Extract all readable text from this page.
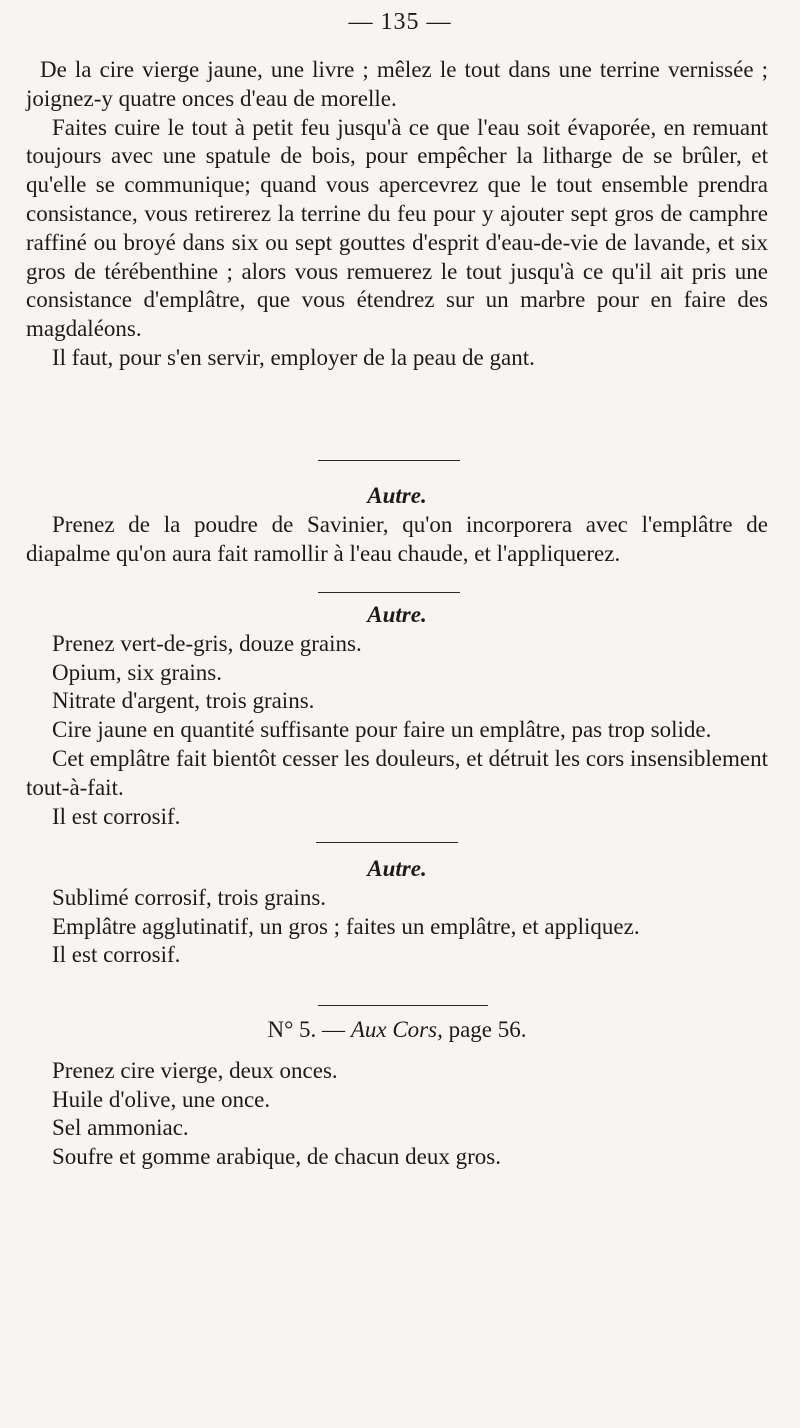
— 135 —

De la cire vierge jaune, une livre ; mêlez le tout dans une terrine vernissée ; joignez-y quatre onces d'eau de morelle.

Faites cuire le tout à petit feu jusqu'à ce que l'eau soit évaporée, en remuant toujours avec une spatule de bois, pour empêcher la litharge de se brûler, et qu'elle se communique; quand vous apercevrez que le tout ensemble prendra consistance, vous retirerez la terrine du feu pour y ajouter sept gros de camphre raffiné ou broyé dans six ou sept gouttes d'esprit d'eau-de-vie de lavande, et six gros de térébenthine ; alors vous remuerez le tout jusqu'à ce qu'il ait pris une consistance d'emplâtre, que vous étendrez sur un marbre pour en faire des magdaléons.

Il faut, pour s'en servir, employer de la peau de gant.

Autre.

Prenez de la poudre de Savinier, qu'on incorporera avec l'emplâtre de diapalme qu'on aura fait ramollir à l'eau chaude, et l'appliquerez.

Autre.

Prenez vert-de-gris, douze grains.

Opium, six grains.

Nitrate d'argent, trois grains.

Cire jaune en quantité suffisante pour faire un emplâtre, pas trop solide.

Cet emplâtre fait bientôt cesser les douleurs, et détruit les cors insensiblement tout-à-fait.

Il est corrosif.

Autre.

Sublimé corrosif, trois grains.

Emplâtre agglutinatif, un gros ; faites un emplâtre, et appliquez.

Il est corrosif.

N° 5. — Aux Cors, page 56.

Prenez cire vierge, deux onces.

Huile d'olive, une once.

Sel ammoniac.

Soufre et gomme arabique, de chacun deux gros.
